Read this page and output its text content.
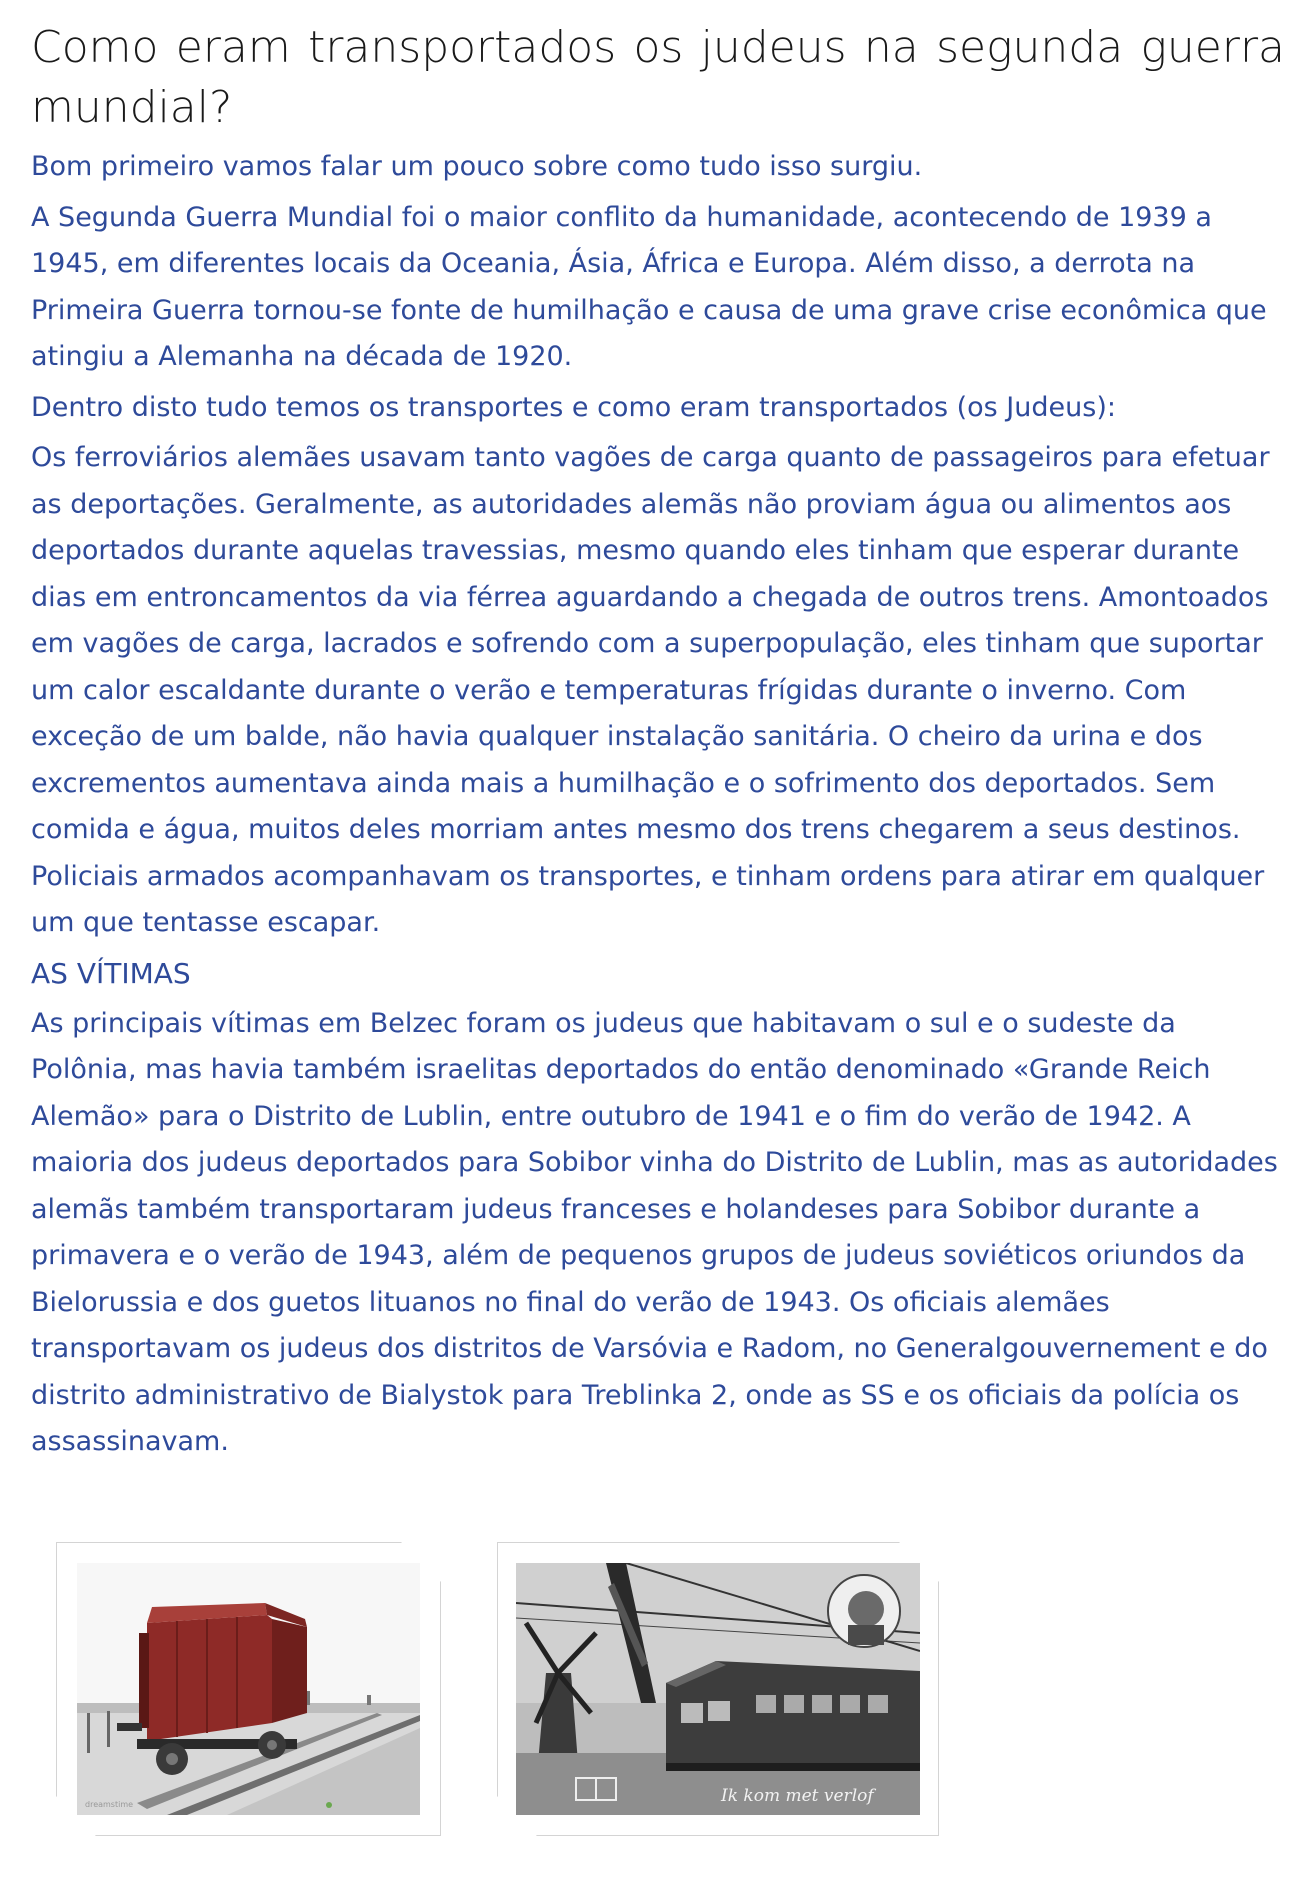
Como eram transportados os judeus na segunda guerra mundial?

Bom primeiro vamos falar um pouco sobre como tudo isso surgiu.

A Segunda Guerra Mundial foi o maior conflito da humanidade, acontecendo de 1939 a 1945, em diferentes locais da Oceania, Ásia, África e Europa. Além disso, a derrota na Primeira Guerra tornou-se fonte de humilhação e causa de uma grave crise econômica que atingiu a Alemanha na década de 1920.

Dentro disto tudo temos os transportes e como eram transportados (os Judeus):

Os ferroviários alemães usavam tanto vagões de carga quanto de passageiros para efetuar as deportações. Geralmente, as autoridades alemãs não proviam água ou alimentos aos deportados durante aquelas travessias, mesmo quando eles tinham que esperar durante dias em entroncamentos da via férrea aguardando a chegada de outros trens. Amontoados em vagões de carga, lacrados e sofrendo com a superpopulação, eles tinham que suportar um calor escaldante durante o verão e temperaturas frígidas durante o inverno. Com exceção de um balde, não havia qualquer instalação sanitária. O cheiro da urina e dos excrementos aumentava ainda mais a humilhação e o sofrimento dos deportados. Sem comida e água, muitos deles morriam antes mesmo dos trens chegarem a seus destinos. Policiais armados acompanhavam os transportes, e tinham ordens para atirar em qualquer um que tentasse escapar.

AS VÍTIMAS

As principais vítimas em Belzec foram os judeus que habitavam o sul e o sudeste da Polônia, mas havia também israelitas deportados do então denominado «Grande Reich Alemão» para o Distrito de Lublin, entre outubro de 1941 e o fim do verão de 1942. A maioria dos judeus deportados para Sobibor vinha do Distrito de Lublin, mas as autoridades alemãs também transportaram judeus franceses e holandeses para Sobibor durante a primavera e o verão de 1943, além de pequenos grupos de judeus soviéticos oriundos da Bielorussia e dos guetos lituanos no final do verão de 1943. Os oficiais alemães transportavam os judeus dos distritos de Varsóvia e Radom, no Generalgouvernement e do distrito administrativo de Bialystok para Treblinka 2, onde as SS e os oficiais da polícia os assassinavam.

dreamstime	Ik kom met verlof
